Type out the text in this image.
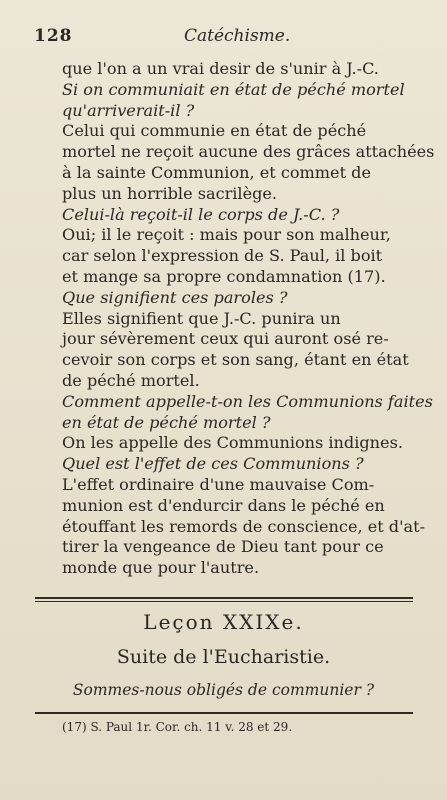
128	Catéchisme.
que l'on a un vrai desir de s'unir à J.-C.
Si on communiait en état de péché mortel
qu'arriverait-il ?
Celui qui communie en état de péché
mortel ne reçoit aucune des grâces attachées
à la sainte Communion, et commet de
plus un horrible sacrilège.
Celui-là reçoit-il le corps de J.-C. ?
Oui; il le reçoit : mais pour son malheur,
car selon l'expression de S. Paul, il boit
et mange sa propre condamnation (17).
Que signifient ces paroles ?
Elles signifient que J.-C. punira un
jour sévèrement ceux qui auront osé re-
cevoir son corps et son sang, étant en état
de péché mortel.
Comment appelle-t-on les Communions faites
en état de péché mortel ?
On les appelle des Communions indignes.
Quel est l'effet de ces Communions ?
L'effet ordinaire d'une mauvaise Com-
munion est d'endurcir dans le péché en
étouffant les remords de conscience, et d'at-
tirer la vengeance de Dieu tant pour ce
monde que pour l'autre.
Leçon XXIXe.
Suite de l'Eucharistie.
Sommes-nous obligés de communier ?
(17) S. Paul 1r. Cor. ch. 11 v. 28 et 29.
